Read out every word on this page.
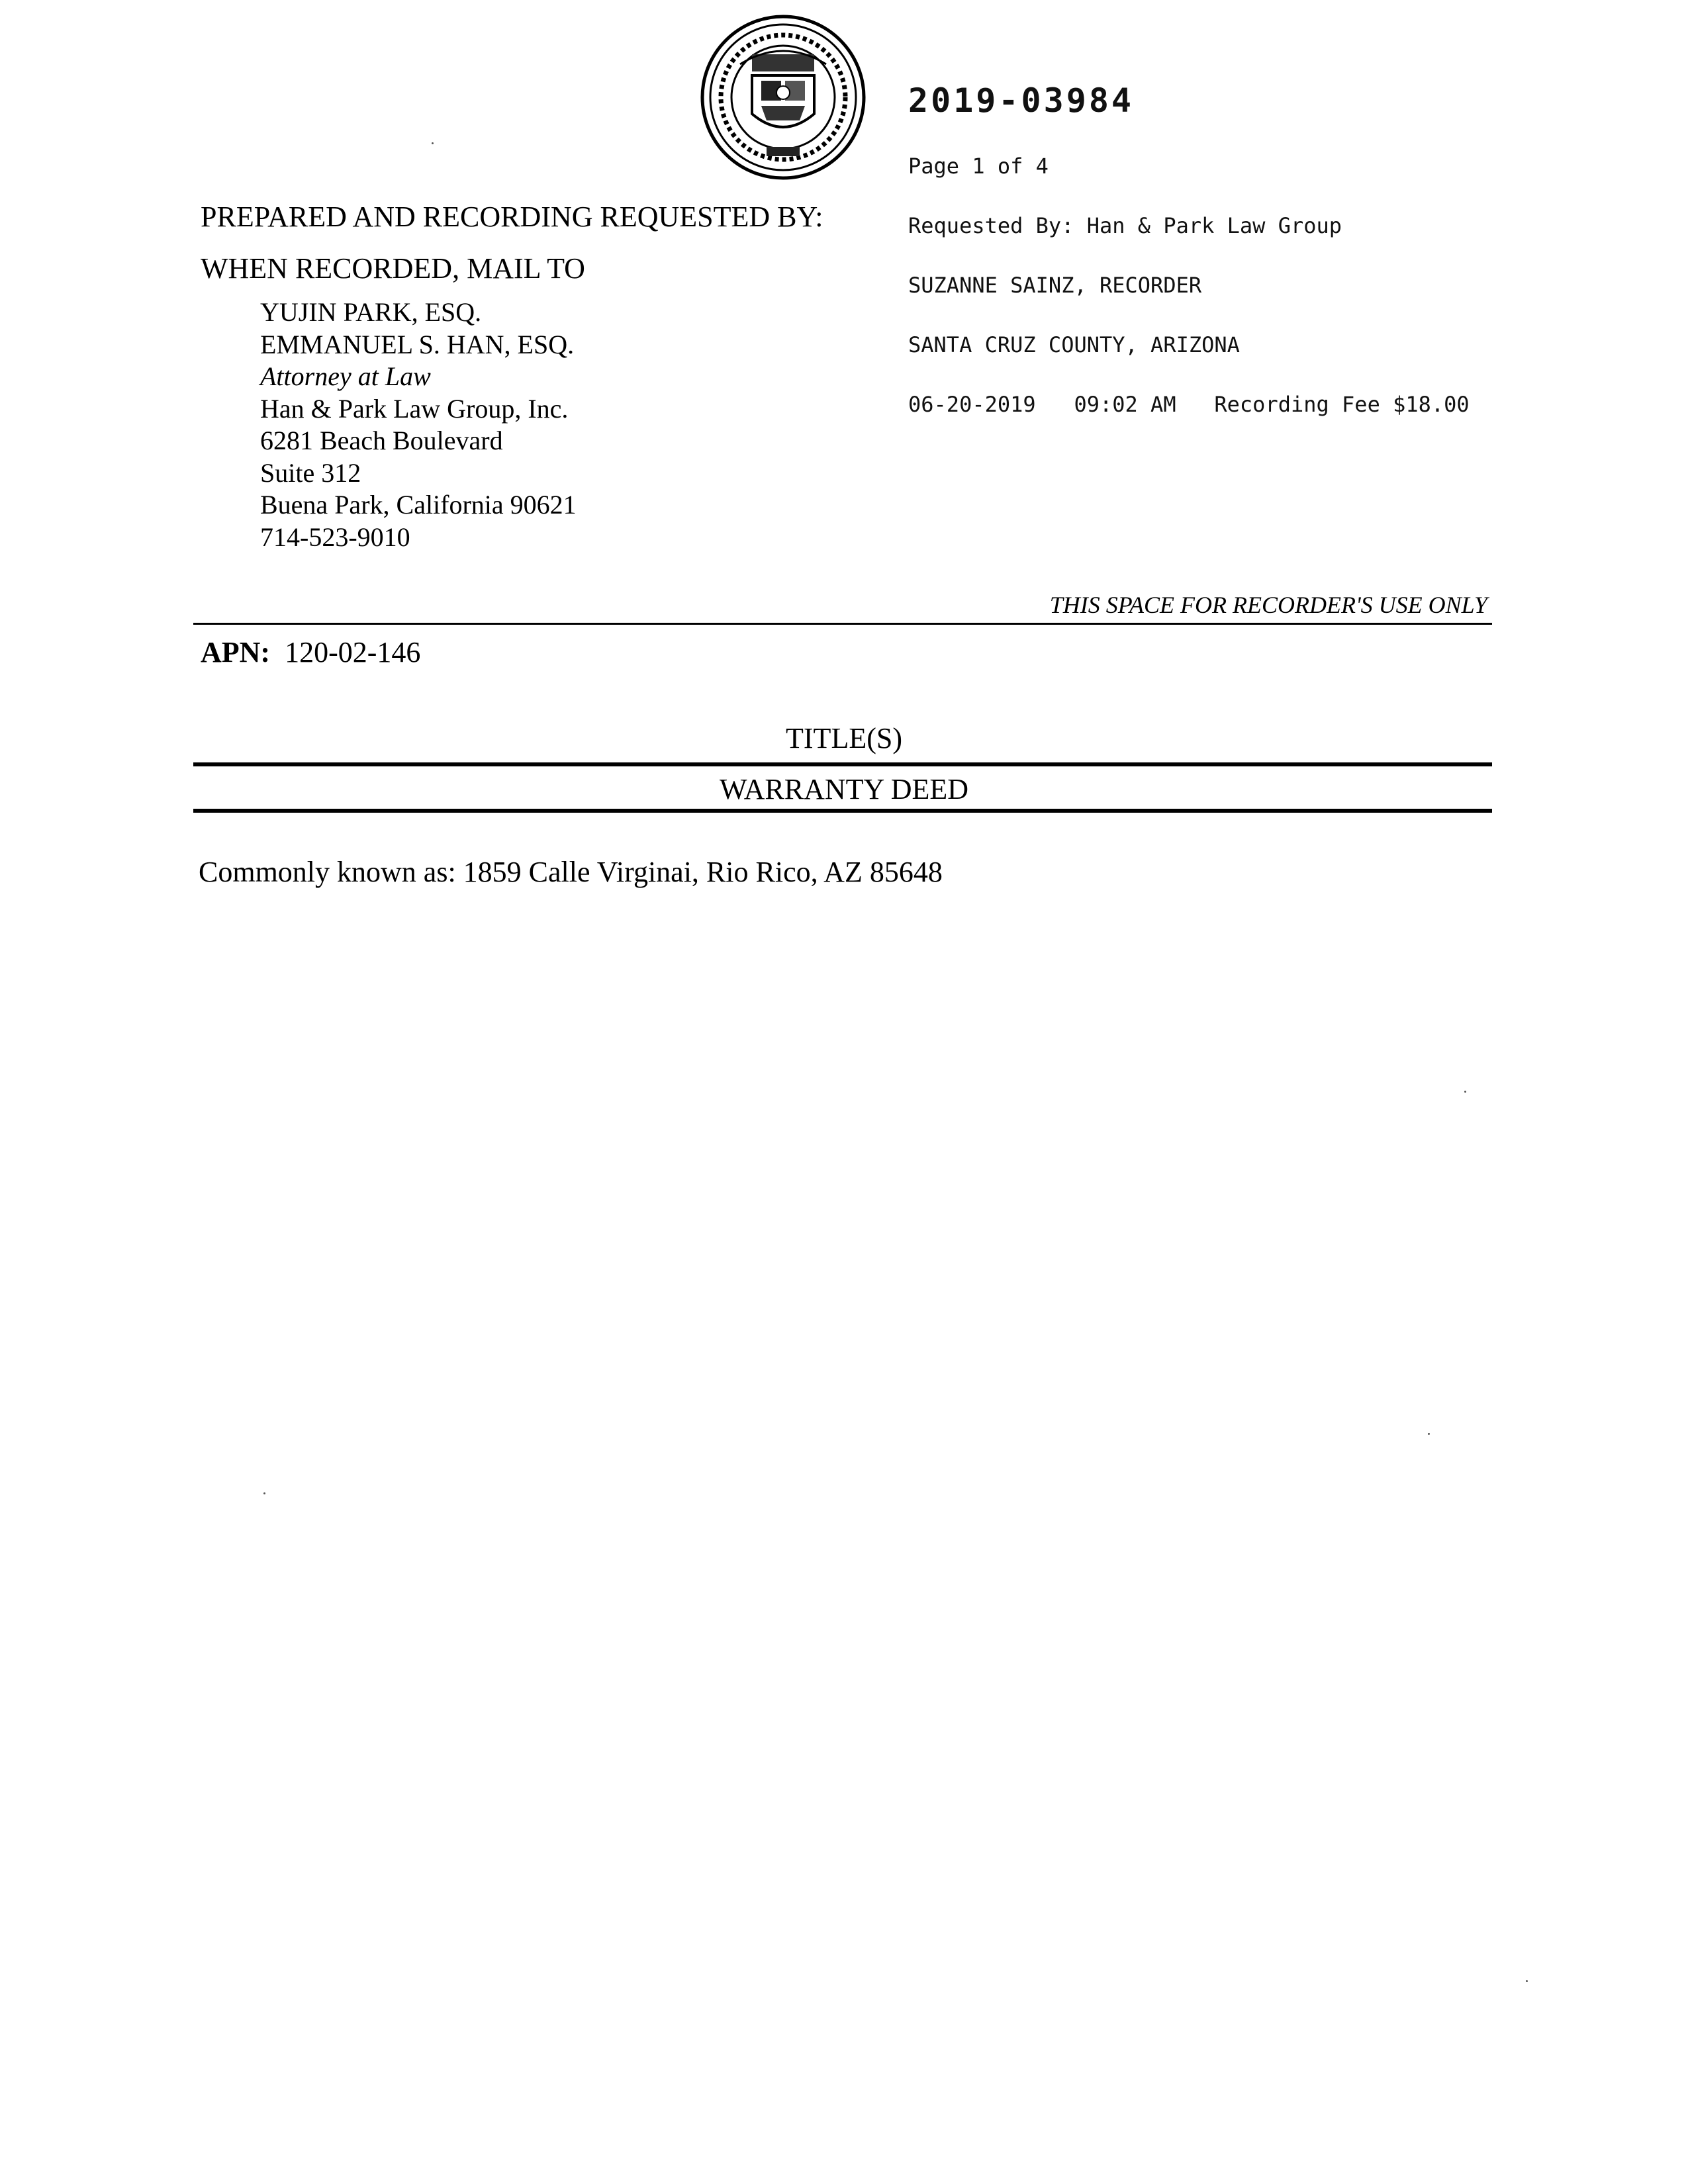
2019-03984

Page 1 of 4

Requested By: Han & Park Law Group

SUZANNE SAINZ, RECORDER

SANTA CRUZ COUNTY, ARIZONA

06-20-2019   09:02 AM   Recording Fee $18.00

PREPARED AND RECORDING REQUESTED BY:
WHEN RECORDED, MAIL TO
YUJIN PARK, ESQ.
EMMANUEL S. HAN, ESQ.
Attorney at Law
Han & Park Law Group, Inc.
6281 Beach Boulevard
Suite 312
Buena Park, California 90621
714-523-9010
THIS SPACE FOR RECORDER'S USE ONLY
APN: 120-02-146
TITLE(S)
WARRANTY DEED
Commonly known as: 1859 Calle Virginai, Rio Rico, AZ 85648
